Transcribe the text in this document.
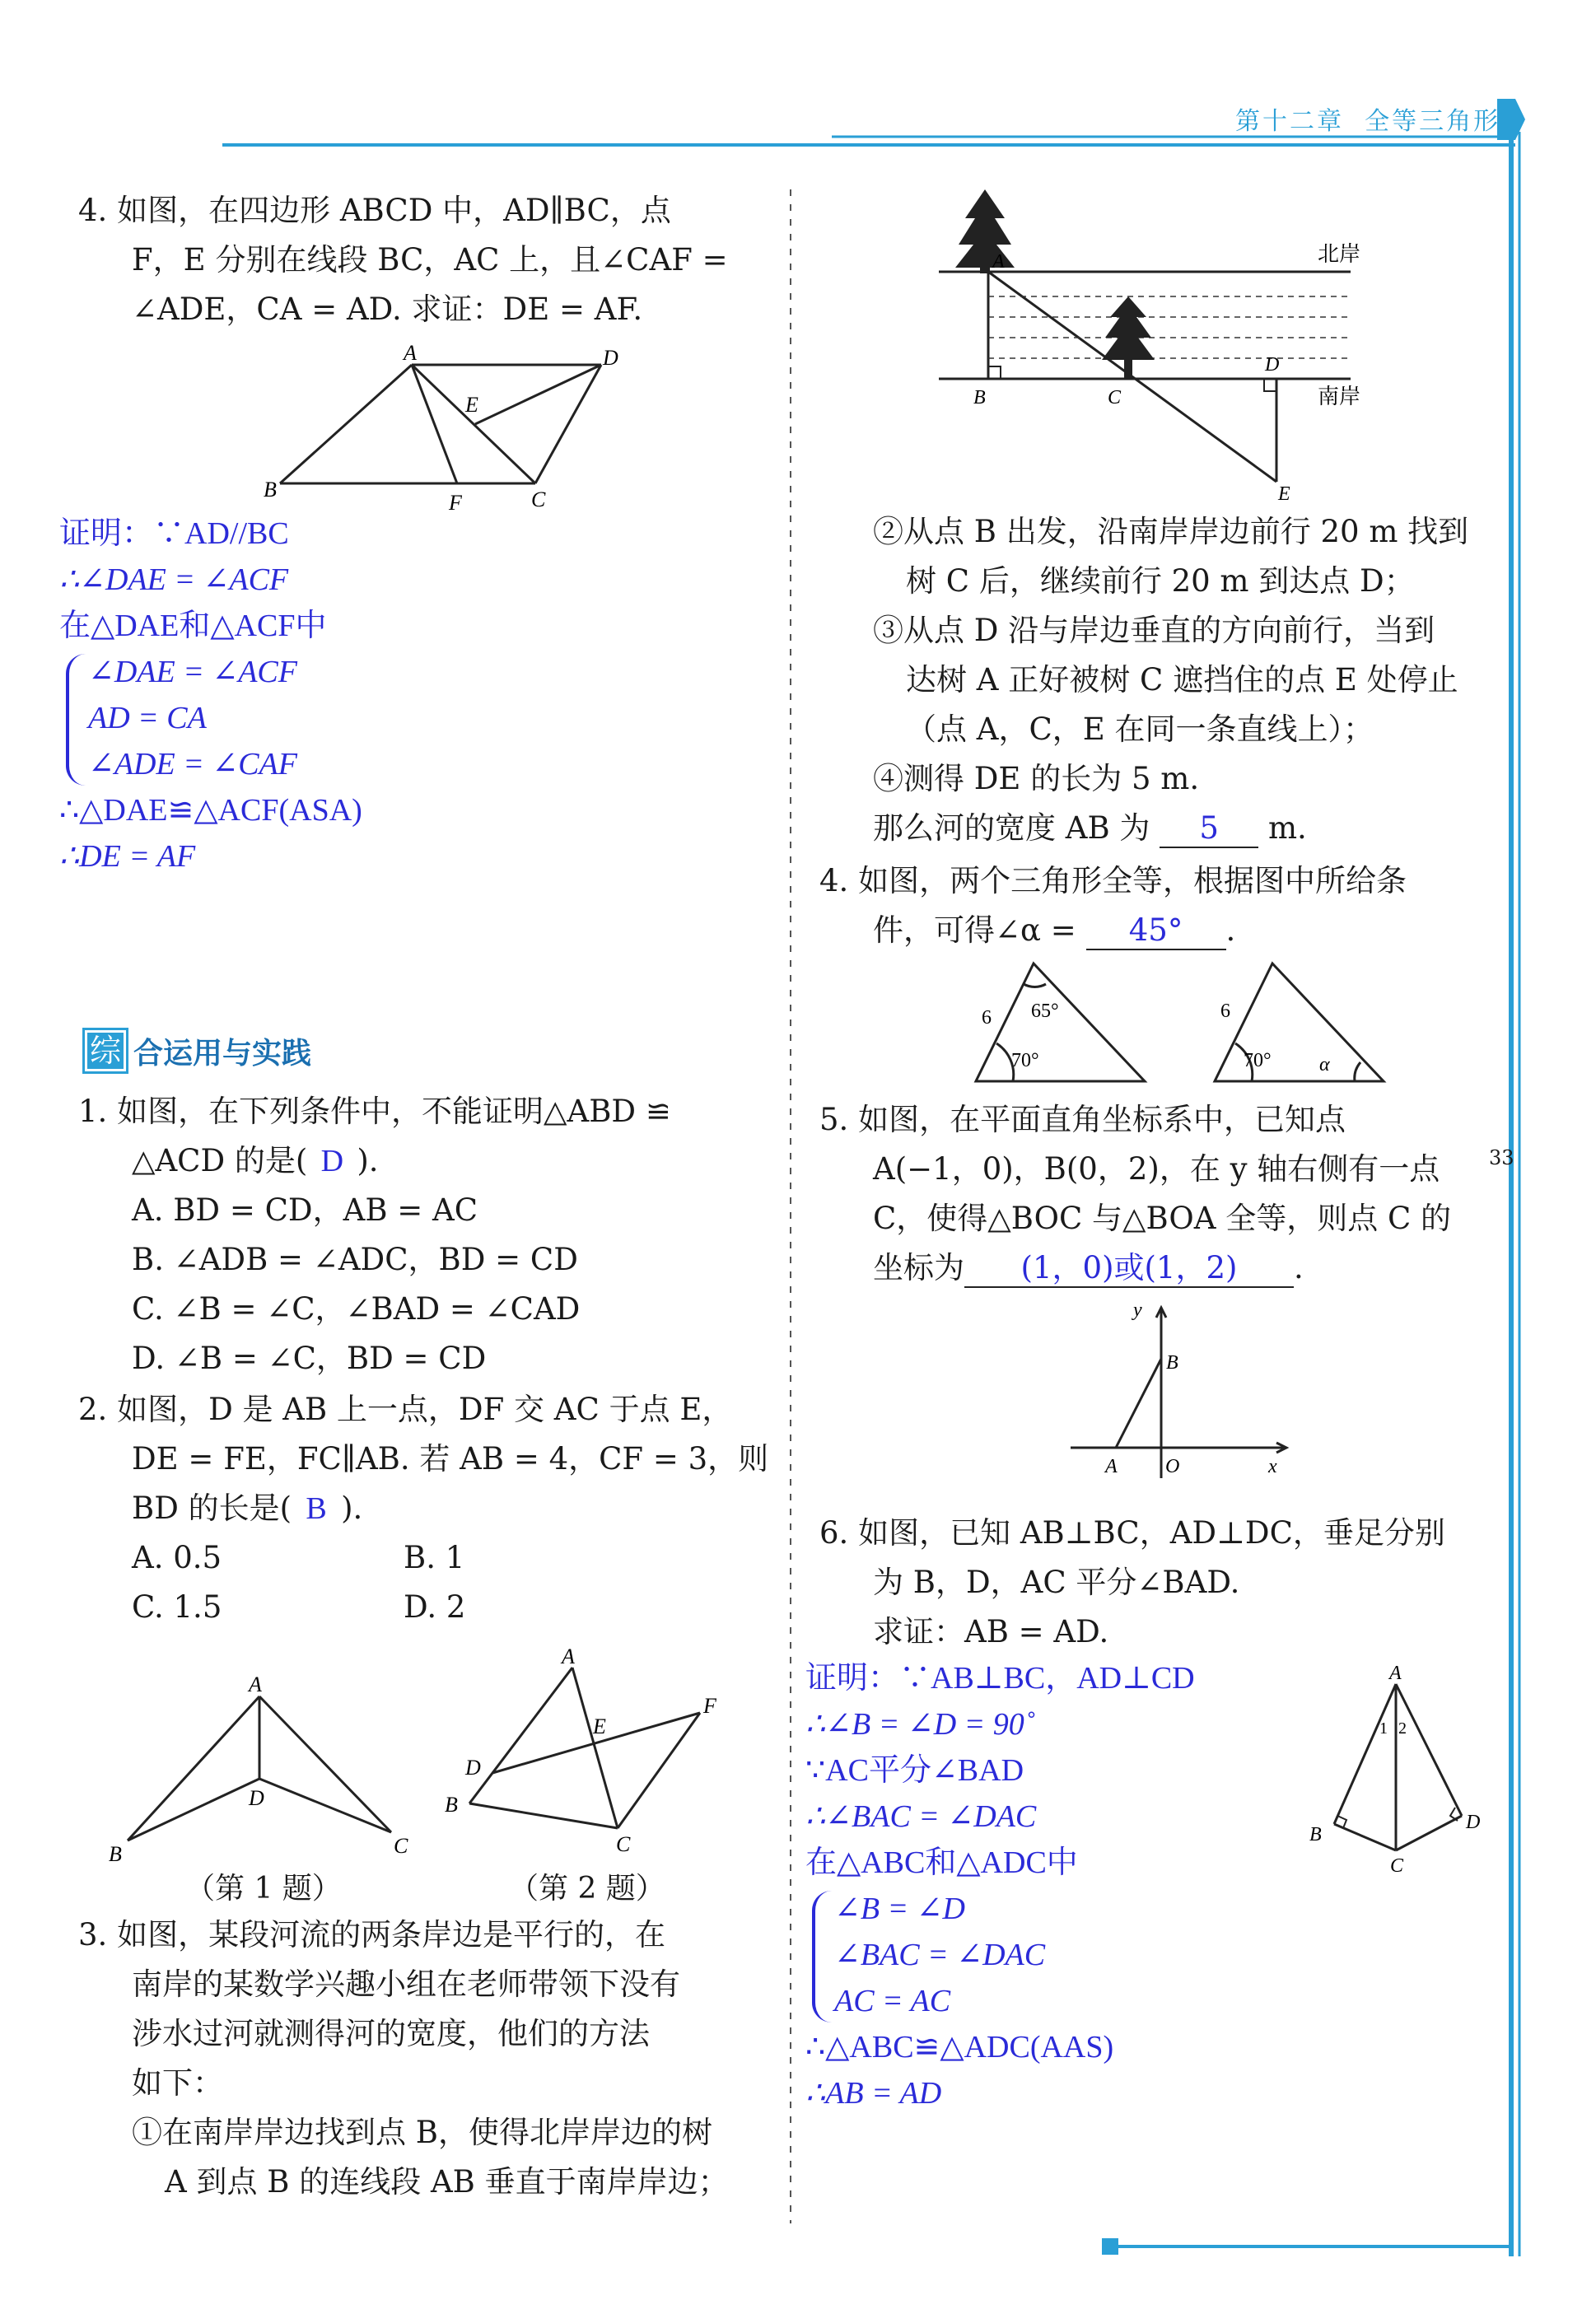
第十二章 全等三角形
33
4. 如图，在四边形 ABCD 中，AD∥BC，点
F，E 分别在线段 BC，AC 上，且∠CAF =
∠ADE，CA = AD. 求证：DE = AF.
A	D
E
B
F	C
证明：∵AD//BC
∴∠DAE = ∠ACF
在△DAE和△ACF中
∠DAE = ∠ACF
AD = CA
∠ADE = ∠CAF
∴△DAE≌△ACF(ASA)
∴DE = AF
综 合运用与实践
1. 如图，在下列条件中，不能证明△ABD ≌
△ACD 的是( D ).
A. BD = CD，AB = AC
B. ∠ADB = ∠ADC，BD = CD
C. ∠B = ∠C，∠BAD = ∠CAD
D. ∠B = ∠C，BD = CD
2. 如图，D 是 AB 上一点，DF 交 AC 于点 E，
DE = FE，FC∥AB. 若 AB = 4，CF = 3，则
BD 的长是( B ).
A. 0.5	B. 1
C. 1.5	D. 2
A
D
B	C
（第 1 题）
A
E
F
D
B
C
（第 2 题）
3. 如图，某段河流的两条岸边是平行的，在
南岸的某数学兴趣小组在老师带领下没有
涉水过河就测得河的宽度，他们的方法
如下：
①在南岸岸边找到点 B，使得北岸岸边的树
A 到点 B 的连线段 AB 垂直于南岸岸边；
A
B	C
D
E
北岸
南岸
②从点 B 出发，沿南岸岸边前行 20 m 找到
树 C 后，继续前行 20 m 到达点 D；
③从点 D 沿与岸边垂直的方向前行，当到
达树 A 正好被树 C 遮挡住的点 E 处停止
（点 A，C，E 在同一条直线上）；
④测得 DE 的长为 5 m.
那么河的宽度 AB 为 5 m.
4. 如图，两个三角形全等，根据图中所给条
件，可得∠α = 45° .
65°
6
70°
6
70° α
5. 如图，在平面直角坐标系中，已知点
A(−1，0)，B(0，2)，在 y 轴右侧有一点
C，使得△BOC 与△BOA 全等，则点 C 的
坐标为 (1，0)或(1，2) .
y
B
A O	x
6. 如图，已知 AB⊥BC，AD⊥DC，垂足分别
为 B，D，AC 平分∠BAD.
求证：AB = AD.
证明：∵AB⊥BC，AD⊥CD
∴∠B = ∠D = 90˚
∵AC平分∠BAD
∴∠BAC = ∠DAC
在△ABC和△ADC中
∠B = ∠D
∠BAC = ∠DAC
AC = AC
∴△ABC≌△ADC(AAS)
∴AB = AD
A
1 2
B
D
C
